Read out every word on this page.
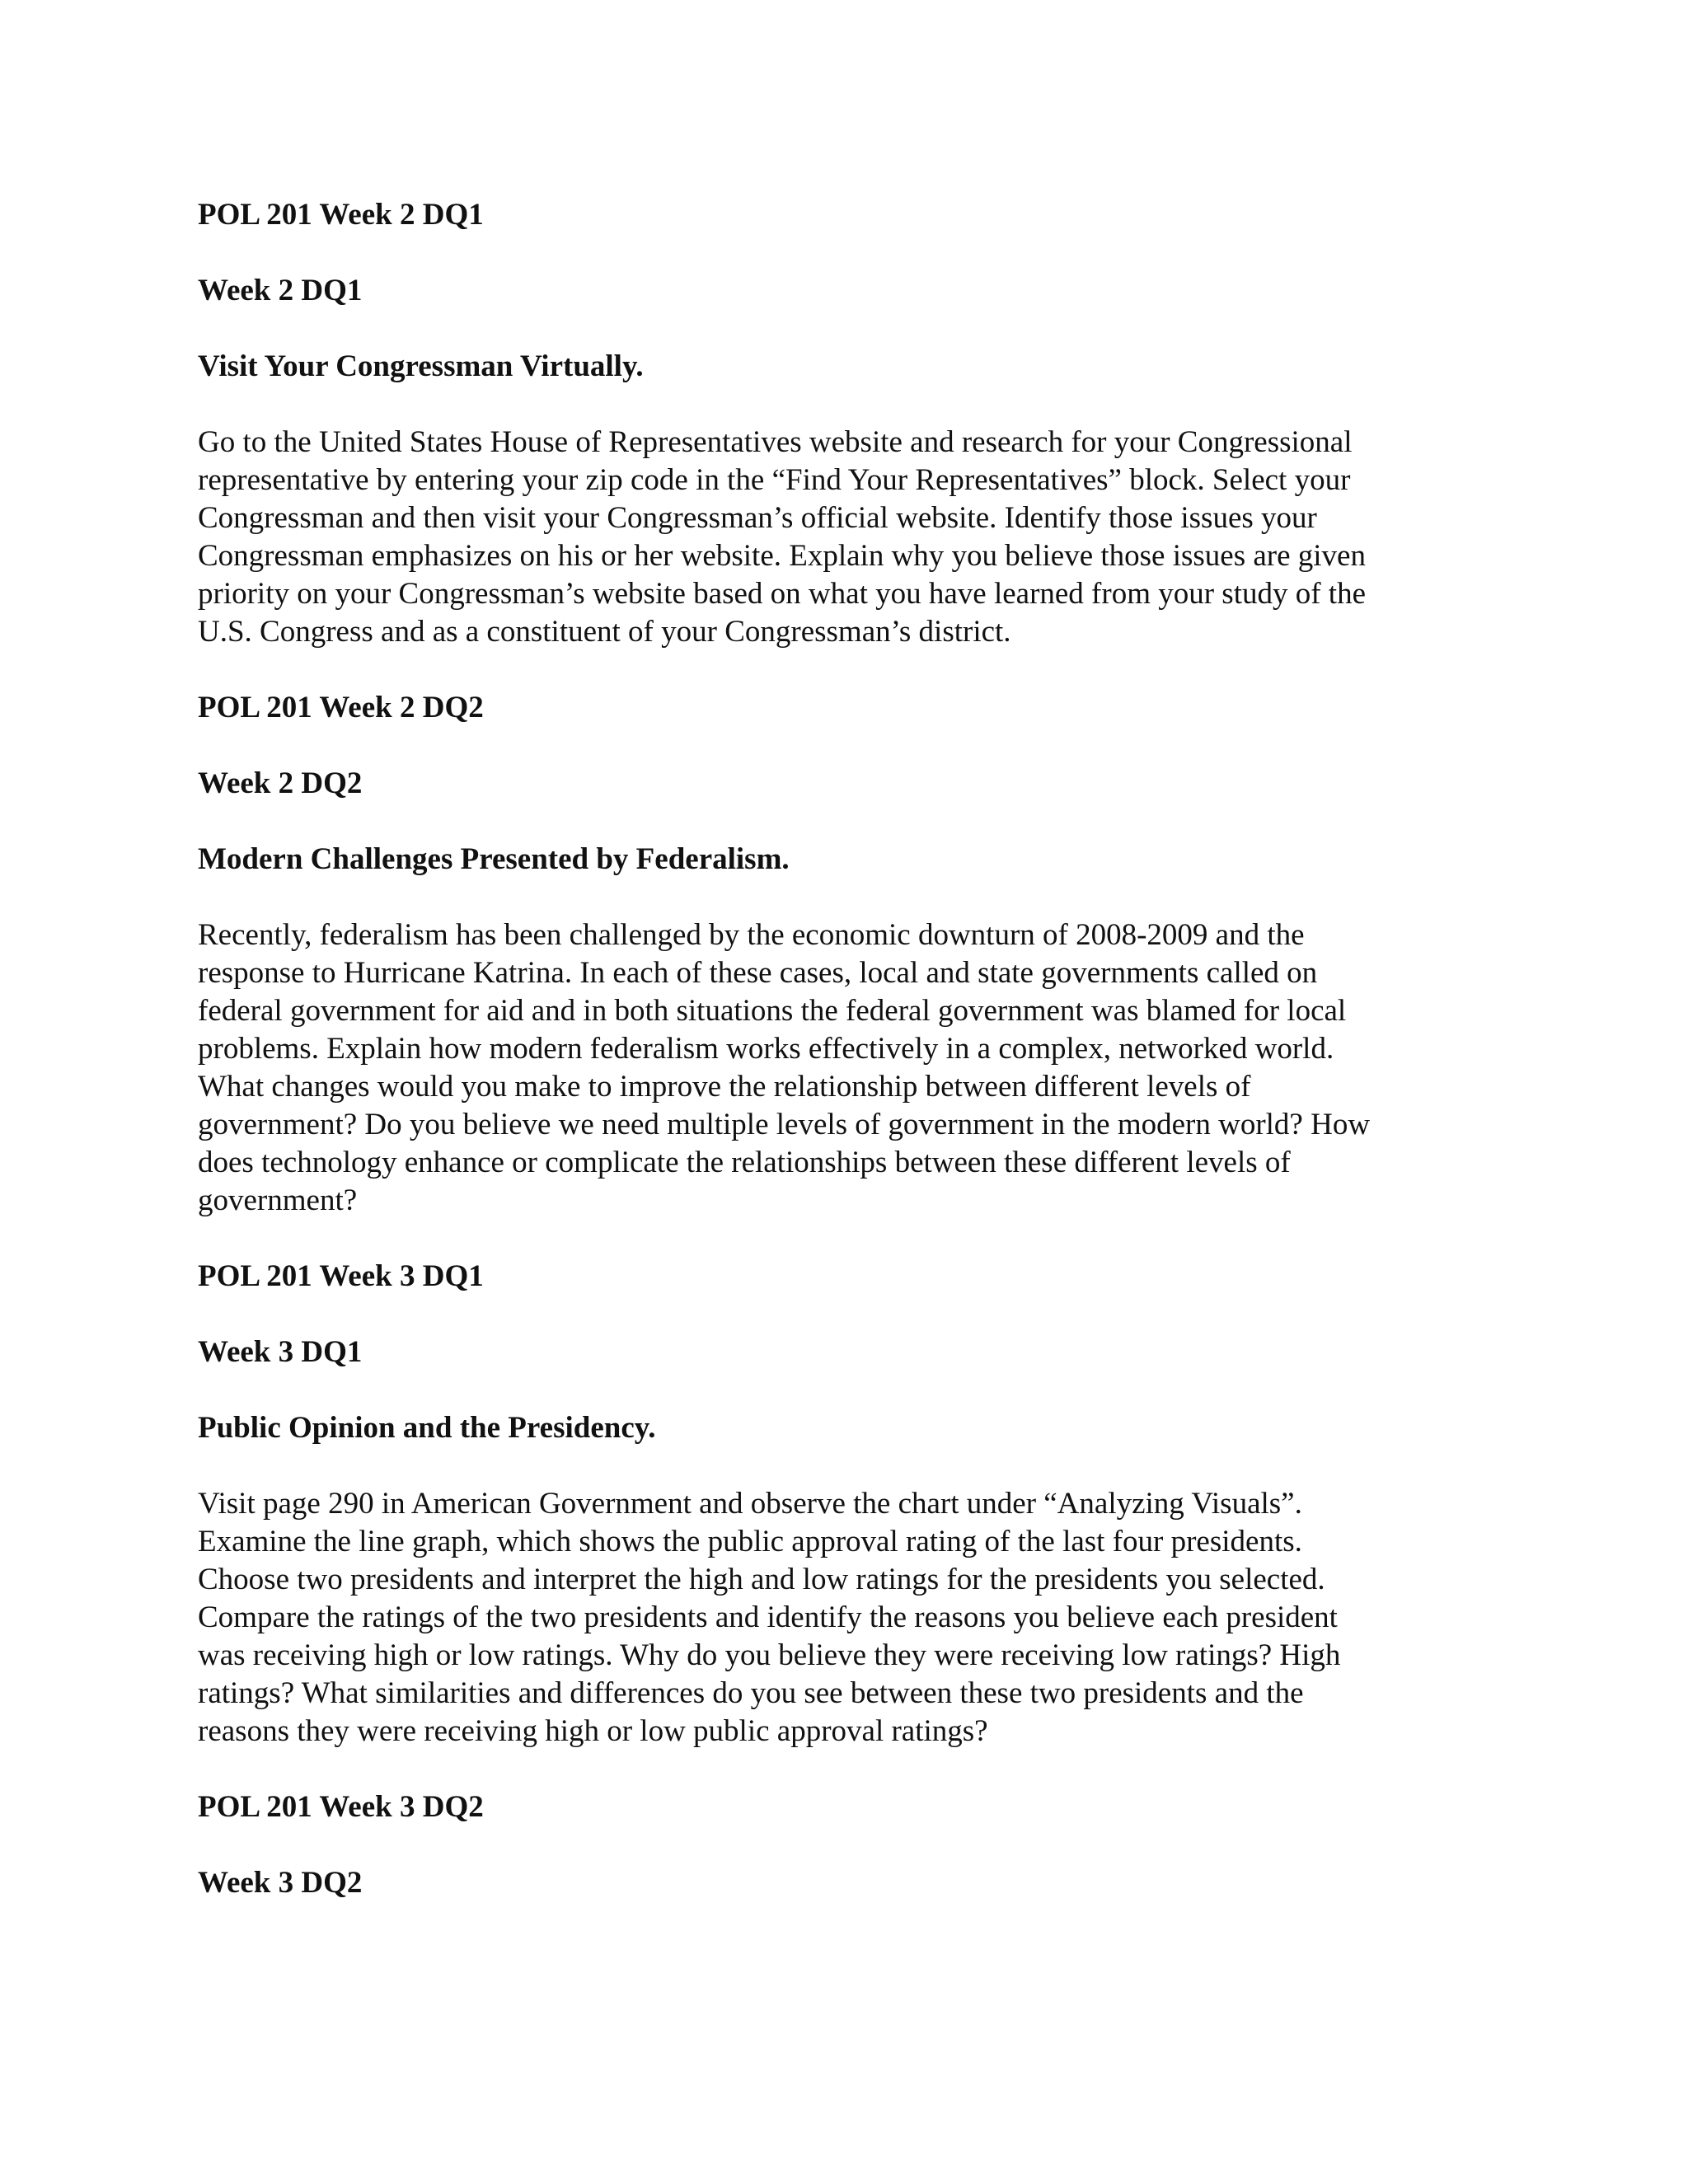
POL 201 Week 2 DQ1
Week 2 DQ1
Visit Your Congressman Virtually.
Go to the United States House of Representatives website and research for your Congressional
representative by entering your zip code in the “Find Your Representatives” block. Select your
Congressman and then visit your Congressman’s official website. Identify those issues your
Congressman emphasizes on his or her website. Explain why you believe those issues are given
priority on your Congressman’s website based on what you have learned from your study of the
U.S. Congress and as a constituent of your Congressman’s district.
POL 201 Week 2 DQ2
Week 2 DQ2
Modern Challenges Presented by Federalism.
Recently, federalism has been challenged by the economic downturn of 2008-2009 and the
response to Hurricane Katrina. In each of these cases, local and state governments called on
federal government for aid and in both situations the federal government was blamed for local
problems. Explain how modern federalism works effectively in a complex, networked world.
What changes would you make to improve the relationship between different levels of
government? Do you believe we need multiple levels of government in the modern world? How
does technology enhance or complicate the relationships between these different levels of
government?
POL 201 Week 3 DQ1
Week 3 DQ1
Public Opinion and the Presidency.
Visit page 290 in American Government and observe the chart under “Analyzing Visuals”.
Examine the line graph, which shows the public approval rating of the last four presidents.
Choose two presidents and interpret the high and low ratings for the presidents you selected.
Compare the ratings of the two presidents and identify the reasons you believe each president
was receiving high or low ratings. Why do you believe they were receiving low ratings? High
ratings? What similarities and differences do you see between these two presidents and the
reasons they were receiving high or low public approval ratings?
POL 201 Week 3 DQ2
Week 3 DQ2
